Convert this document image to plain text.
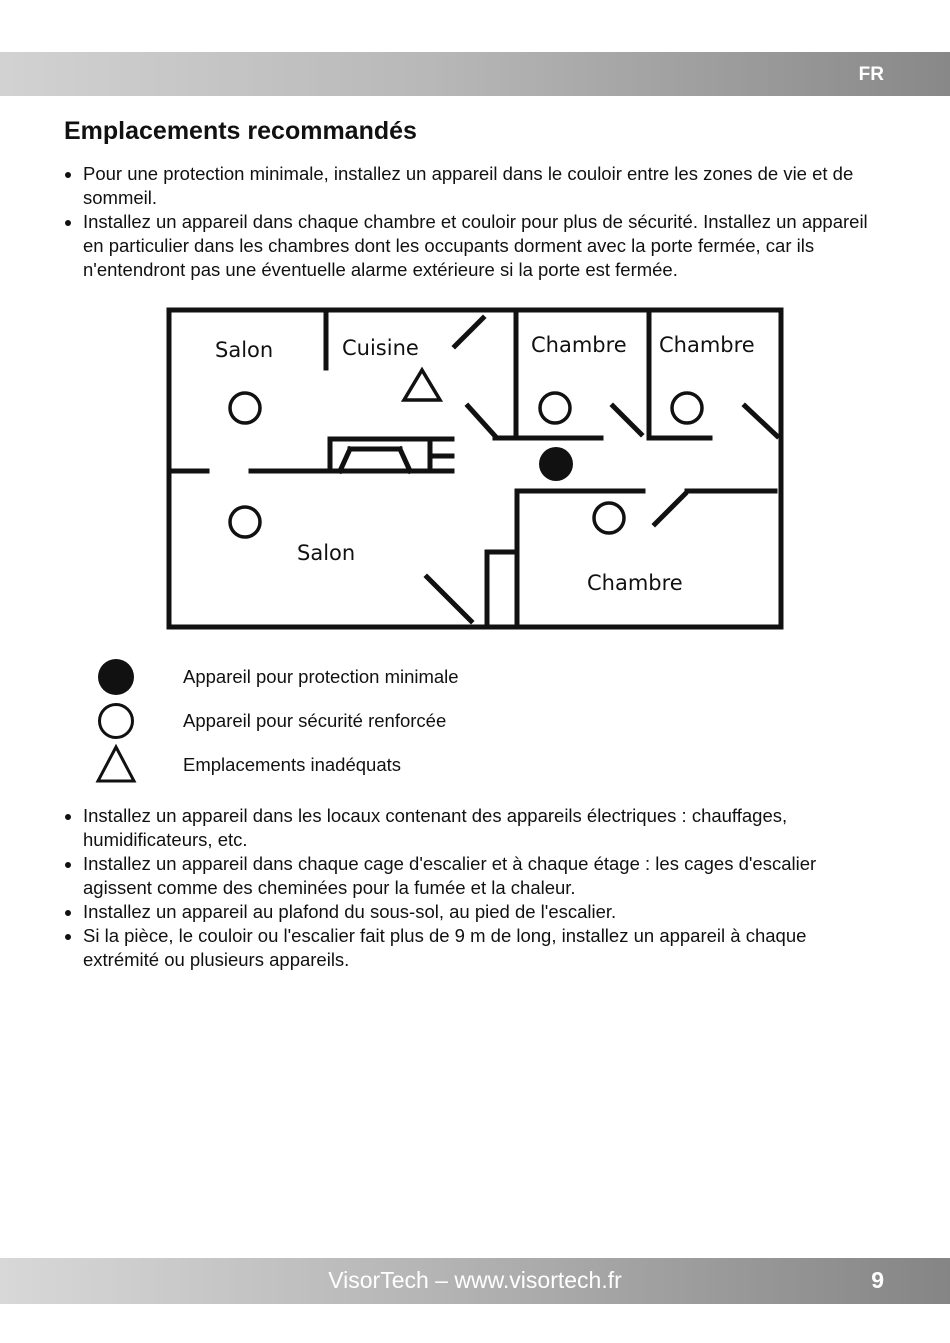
FR
Emplacements recommandés
Pour une protection minimale, installez un appareil dans le couloir entre les zones de vie et de sommeil.
Installez un appareil dans chaque chambre et couloir pour plus de sécurité. Installez un appareil en particulier dans les chambres dont les occupants dorment avec la porte fermée, car ils n'entendront pas une éventuelle alarme extérieure si la porte est fermée.
Salon	Cuisine	Chambre Chambre
Salon
Chambre
Appareil pour protection minimale
Appareil pour sécurité renforcée
Emplacements inadéquats
Installez un appareil dans les locaux contenant des appareils électriques : chauffages, humidificateurs, etc.
Installez un appareil dans chaque cage d'escalier et à chaque étage : les cages d'escalier agissent comme des cheminées pour la fumée et la chaleur.
Installez un appareil au plafond du sous-sol, au pied de l'escalier.
Si la pièce, le couloir ou l'escalier fait plus de 9 m de long, installez un appareil à chaque extrémité ou plusieurs appareils.
VisorTech – www.visortech.fr	9
